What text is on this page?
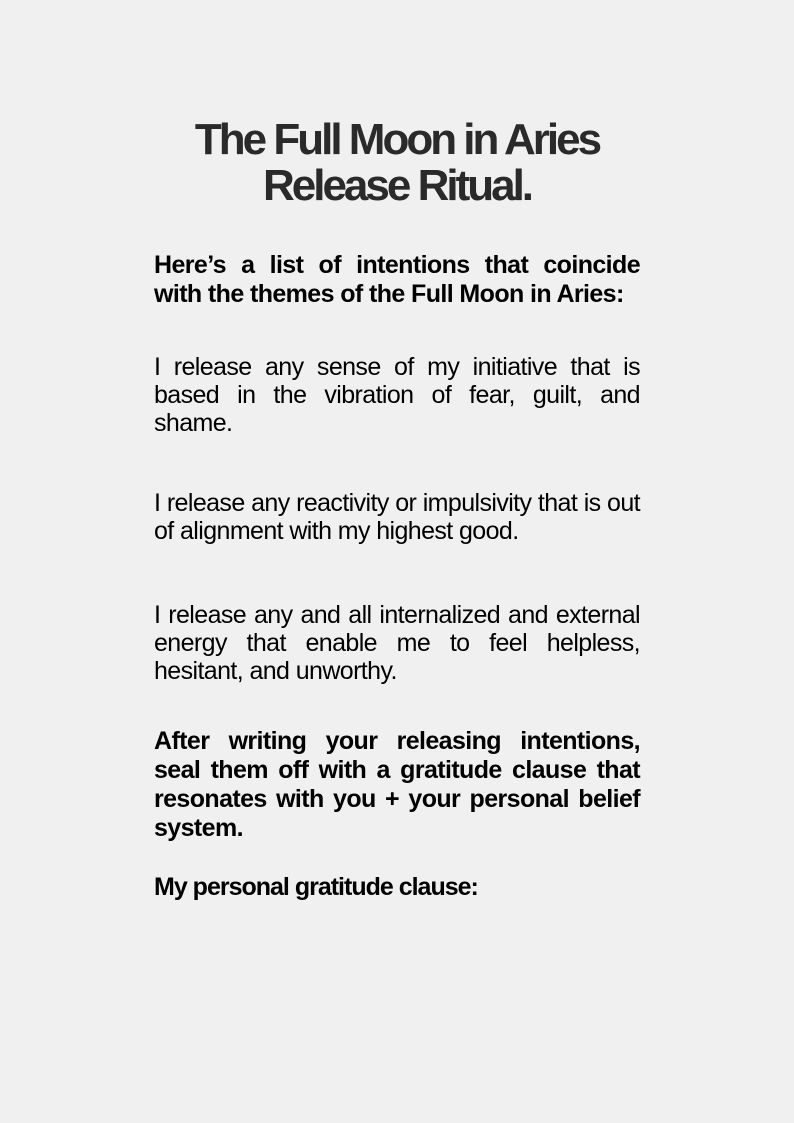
The Full Moon in Aries
Release Ritual.

Here’s a list of intentions that coincide with the themes of the Full Moon in Aries:

I release any sense of my initiative that is based in the vibration of fear, guilt, and shame.

I release any reactivity or impulsivity that is out of alignment with my highest good.

I release any and all internalized and external energy that enable me to feel helpless, hesitant, and unworthy.

After writing your releasing intentions, seal them off with a gratitude clause that resonates with you + your personal belief system.

My personal gratitude clause:
